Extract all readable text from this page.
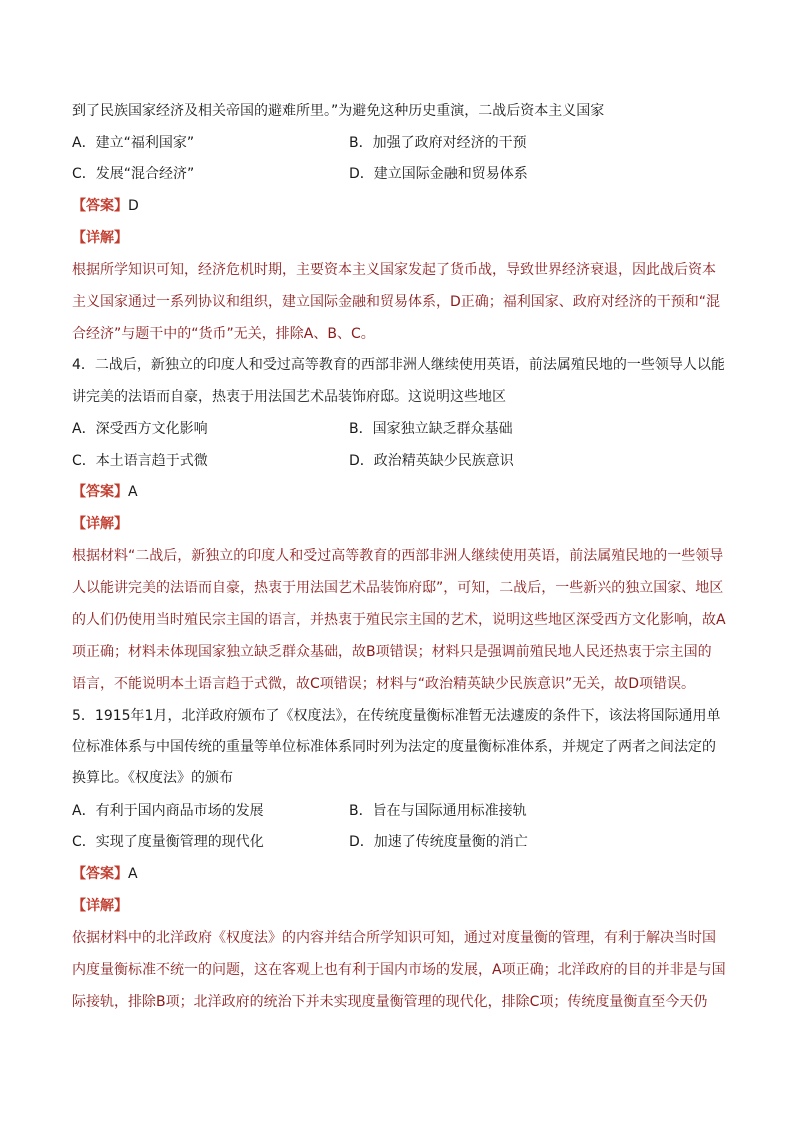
到了民族国家经济及相关帝国的避难所里。”为避免这种历史重演，二战后资本主义国家
A．建立“福利国家”	B．加强了政府对经济的干预
C．发展“混合经济”	D．建立国际金融和贸易体系
【答案】D
【详解】
根据所学知识可知，经济危机时期，主要资本主义国家发起了货币战，导致世界经济衰退，因此战后资本
主义国家通过一系列协议和组织，建立国际金融和贸易体系，D正确；福利国家、政府对经济的干预和“混
合经济”与题干中的“货币”无关，排除A、B、C。
4．二战后，新独立的印度人和受过高等教育的西部非洲人继续使用英语，前法属殖民地的一些领导人以能
讲完美的法语而自豪，热衷于用法国艺术品装饰府邸。这说明这些地区
A．深受西方文化影响	B．国家独立缺乏群众基础
C．本土语言趋于式微	D．政治精英缺少民族意识
【答案】A
【详解】
根据材料“二战后，新独立的印度人和受过高等教育的西部非洲人继续使用英语，前法属殖民地的一些领导
人以能讲完美的法语而自豪，热衷于用法国艺术品装饰府邸”，可知，二战后，一些新兴的独立国家、地区
的人们仍使用当时殖民宗主国的语言，并热衷于殖民宗主国的艺术，说明这些地区深受西方文化影响，故A
项正确；材料未体现国家独立缺乏群众基础，故B项错误；材料只是强调前殖民地人民还热衷于宗主国的
语言，不能说明本土语言趋于式微，故C项错误；材料与“政治精英缺少民族意识”无关，故D项错误。
5．1915年1月，北洋政府颁布了《权度法》，在传统度量衡标准暂无法遽废的条件下，该法将国际通用单
位标准体系与中国传统的重量等单位标准体系同时列为法定的度量衡标准体系，并规定了两者之间法定的
换算比。《权度法》的颁布
A．有利于国内商品市场的发展	B．旨在与国际通用标准接轨
C．实现了度量衡管理的现代化	D．加速了传统度量衡的消亡
【答案】A
【详解】
依据材料中的北洋政府《权度法》的内容并结合所学知识可知，通过对度量衡的管理，有利于解决当时国
内度量衡标准不统一的问题，这在客观上也有利于国内市场的发展，A项正确；北洋政府的目的并非是与国
际接轨，排除B项；北洋政府的统治下并未实现度量衡管理的现代化，排除C项；传统度量衡直至今天仍
